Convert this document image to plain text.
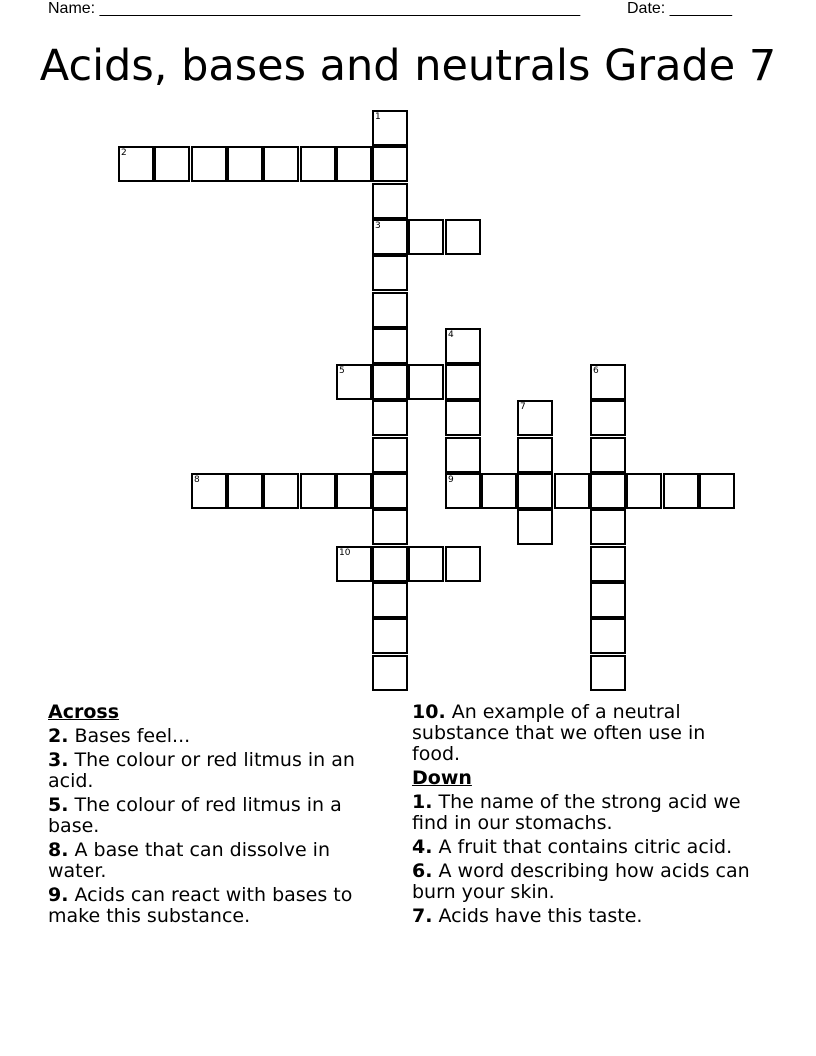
Name: ______________________________________________________	Date: _______
Acids, bases and neutrals Grade 7
1
3
2
4
9
5	6
7
8
10
Across
2. Bases feel...
3. The colour or red litmus in an acid.
5. The colour of red litmus in a base.
8. A base that can dissolve in water.
9. Acids can react with bases to make this substance.
10. An example of a neutral substance that we often use in food.
Down
1. The name of the strong acid we find in our stomachs.
4. A fruit that contains citric acid.
6. A word describing how acids can burn your skin.
7. Acids have this taste.
